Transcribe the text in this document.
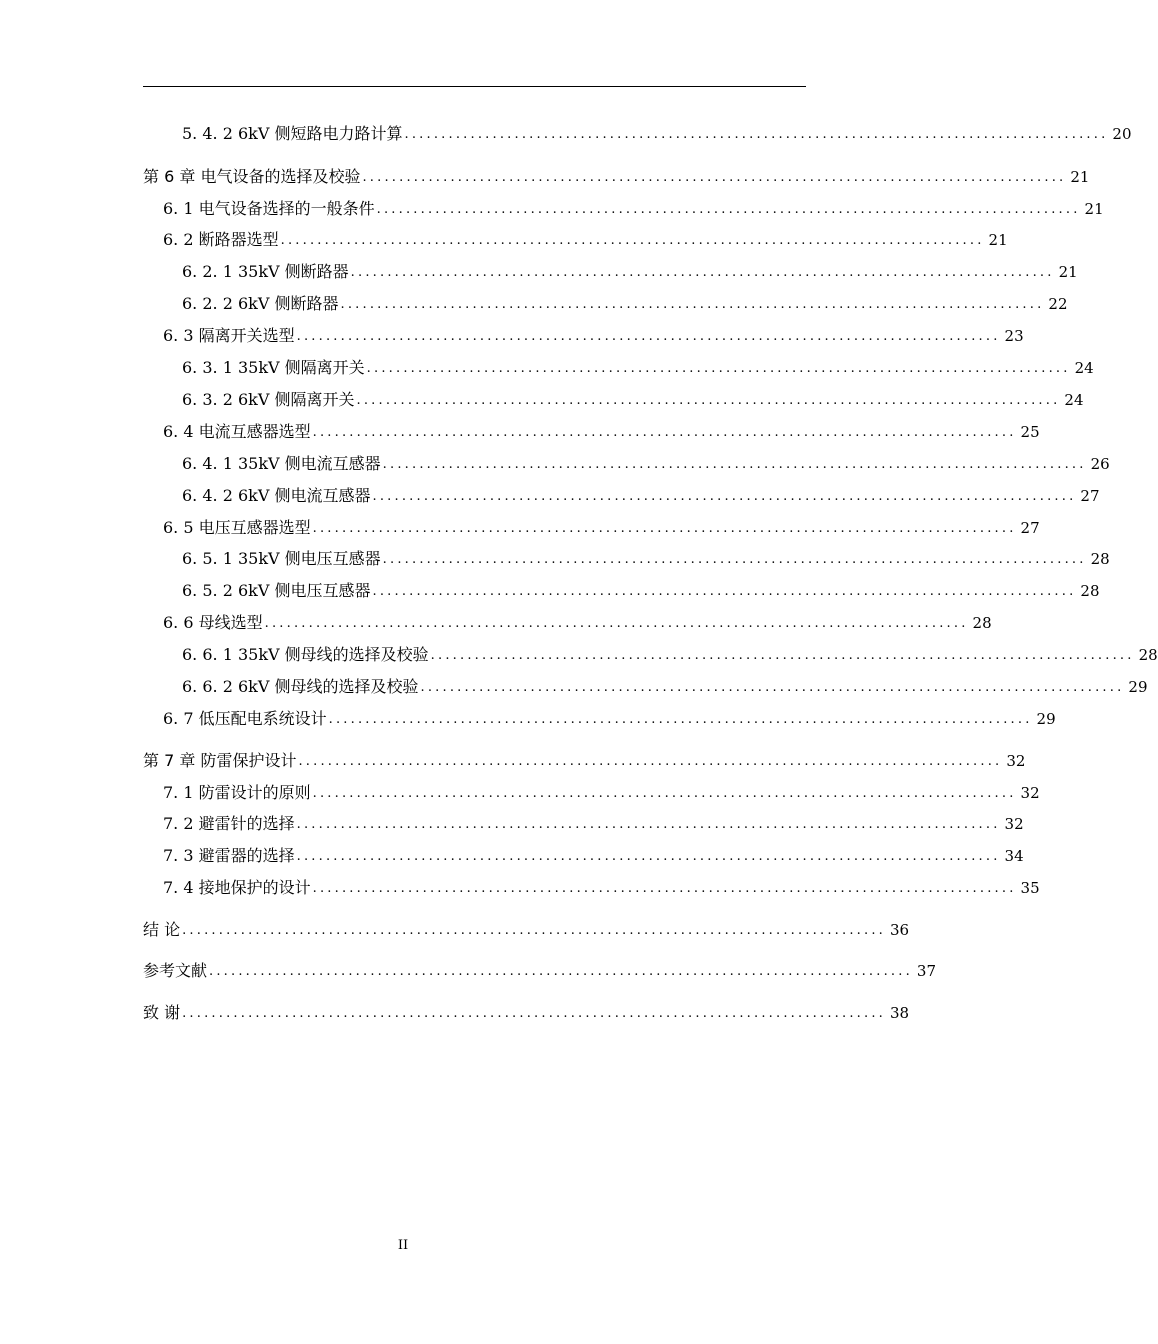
5. 4. 2 6kV 侧短路电力路计算 ................................................................................................ 20
第 6 章 电气设备的选择及校验 ................................................................................................ 21
6. 1 电气设备选择的一般条件 ................................................................................................ 21
6. 2 断路器选型 ................................................................................................ 21
6. 2. 1 35kV 侧断路器 ................................................................................................ 21
6. 2. 2 6kV 侧断路器 ................................................................................................ 22
6. 3 隔离开关选型 ................................................................................................ 23
6. 3. 1 35kV 侧隔离开关 ................................................................................................ 24
6. 3. 2 6kV 侧隔离开关 ................................................................................................ 24
6. 4 电流互感器选型 ................................................................................................ 25
6. 4. 1 35kV 侧电流互感器 ................................................................................................ 26
6. 4. 2 6kV 侧电流互感器 ................................................................................................ 27
6. 5 电压互感器选型 ................................................................................................ 27
6. 5. 1 35kV 侧电压互感器 ................................................................................................ 28
6. 5. 2 6kV 侧电压互感器 ................................................................................................ 28
6. 6 母线选型 ................................................................................................ 28
6. 6. 1 35kV 侧母线的选择及校验 ................................................................................................ 28
6. 6. 2 6kV 侧母线的选择及校验 ................................................................................................ 29
6. 7 低压配电系统设计 ................................................................................................ 29
第 7 章 防雷保护设计 ................................................................................................ 32
7. 1 防雷设计的原则 ................................................................................................ 32
7. 2 避雷针的选择 ................................................................................................ 32
7. 3 避雷器的选择 ................................................................................................ 34
7. 4 接地保护的设计 ................................................................................................ 35
结 论 ................................................................................................ 36
参考文献 ................................................................................................ 37
致 谢 ................................................................................................ 38
II
